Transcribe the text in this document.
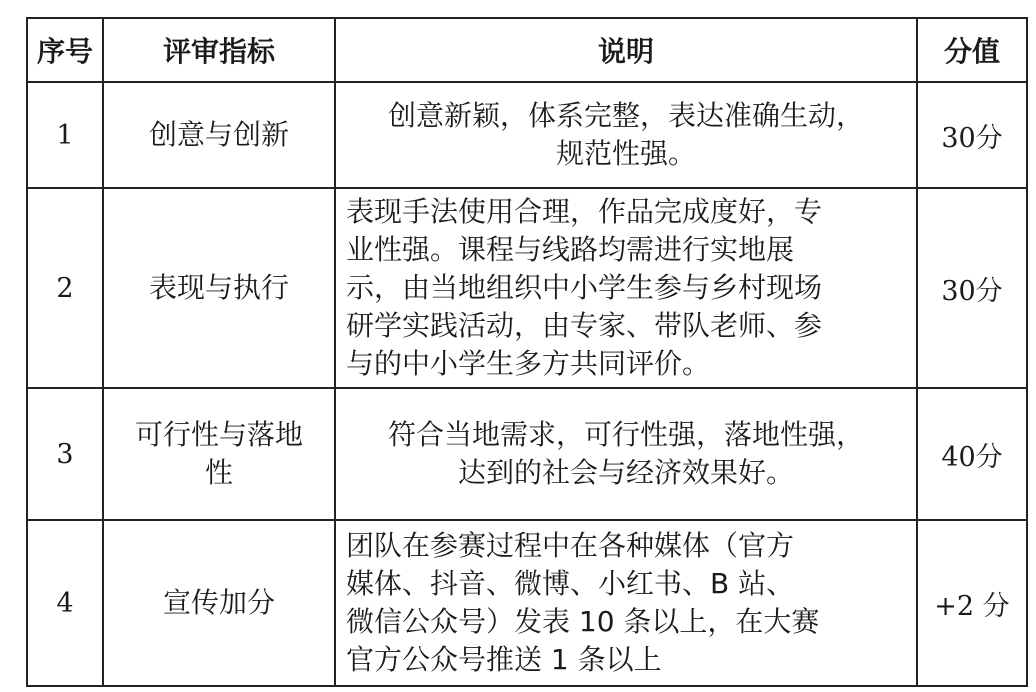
序号	评审指标	说明	分值
1	创意与创新	创意新颖，体系完整，表达准确生动，
规范性强。	30分
2	表现与执行	表现手法使用合理，作品完成度好，专
业性强。课程与线路均需进行实地展
示，由当地组织中小学生参与乡村现场
研学实践活动，由专家、带队老师、参
与的中小学生多方共同评价。	30分
3	可行性与落地
性	符合当地需求，可行性强，落地性强，
达到的社会与经济效果好。	40分
4	宣传加分	团队在参赛过程中在各种媒体（官方
媒体、抖音、微博、小红书、B 站、
微信公众号）发表 10 条以上，在大赛
官方公众号推送 1 条以上	+2 分
